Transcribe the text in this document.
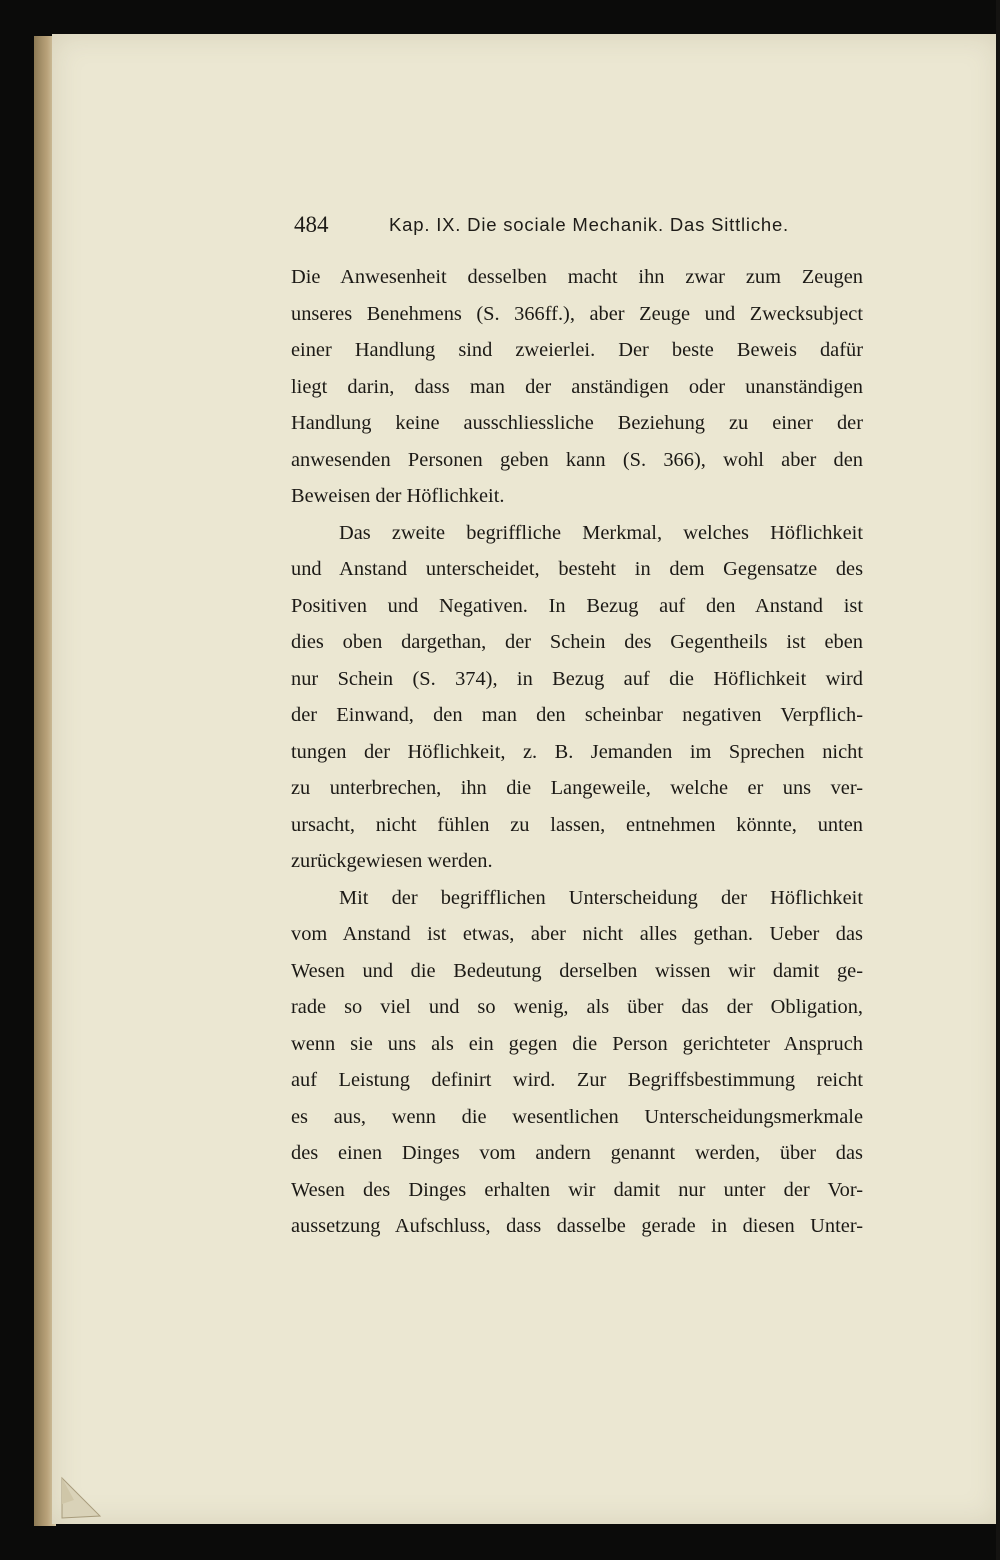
484	Kap. IX. Die sociale Mechanik. Das Sittliche.
Die Anwesenheit desselben macht ihn zwar zum Zeugen
unseres Benehmens (S. 366ff.), aber Zeuge und Zwecksubject
einer Handlung sind zweierlei. Der beste Beweis dafür
liegt darin, dass man der anständigen oder unanständigen
Handlung keine ausschliessliche Beziehung zu einer der
anwesenden Personen geben kann (S. 366), wohl aber den
Beweisen der Höflichkeit.
Das zweite begriffliche Merkmal, welches Höflichkeit
und Anstand unterscheidet, besteht in dem Gegensatze des
Positiven und Negativen. In Bezug auf den Anstand ist
dies oben dargethan, der Schein des Gegentheils ist eben
nur Schein (S. 374), in Bezug auf die Höflichkeit wird
der Einwand, den man den scheinbar negativen Verpflich-
tungen der Höflichkeit, z. B. Jemanden im Sprechen nicht
zu unterbrechen, ihn die Langeweile, welche er uns ver-
ursacht, nicht fühlen zu lassen, entnehmen könnte, unten
zurückgewiesen werden.
Mit der begrifflichen Unterscheidung der Höflichkeit
vom Anstand ist etwas, aber nicht alles gethan. Ueber das
Wesen und die Bedeutung derselben wissen wir damit ge-
rade so viel und so wenig, als über das der Obligation,
wenn sie uns als ein gegen die Person gerichteter Anspruch
auf Leistung definirt wird. Zur Begriffsbestimmung reicht
es aus, wenn die wesentlichen Unterscheidungsmerkmale
des einen Dinges vom andern genannt werden, über das
Wesen des Dinges erhalten wir damit nur unter der Vor-
aussetzung Aufschluss, dass dasselbe gerade in diesen Unter-
